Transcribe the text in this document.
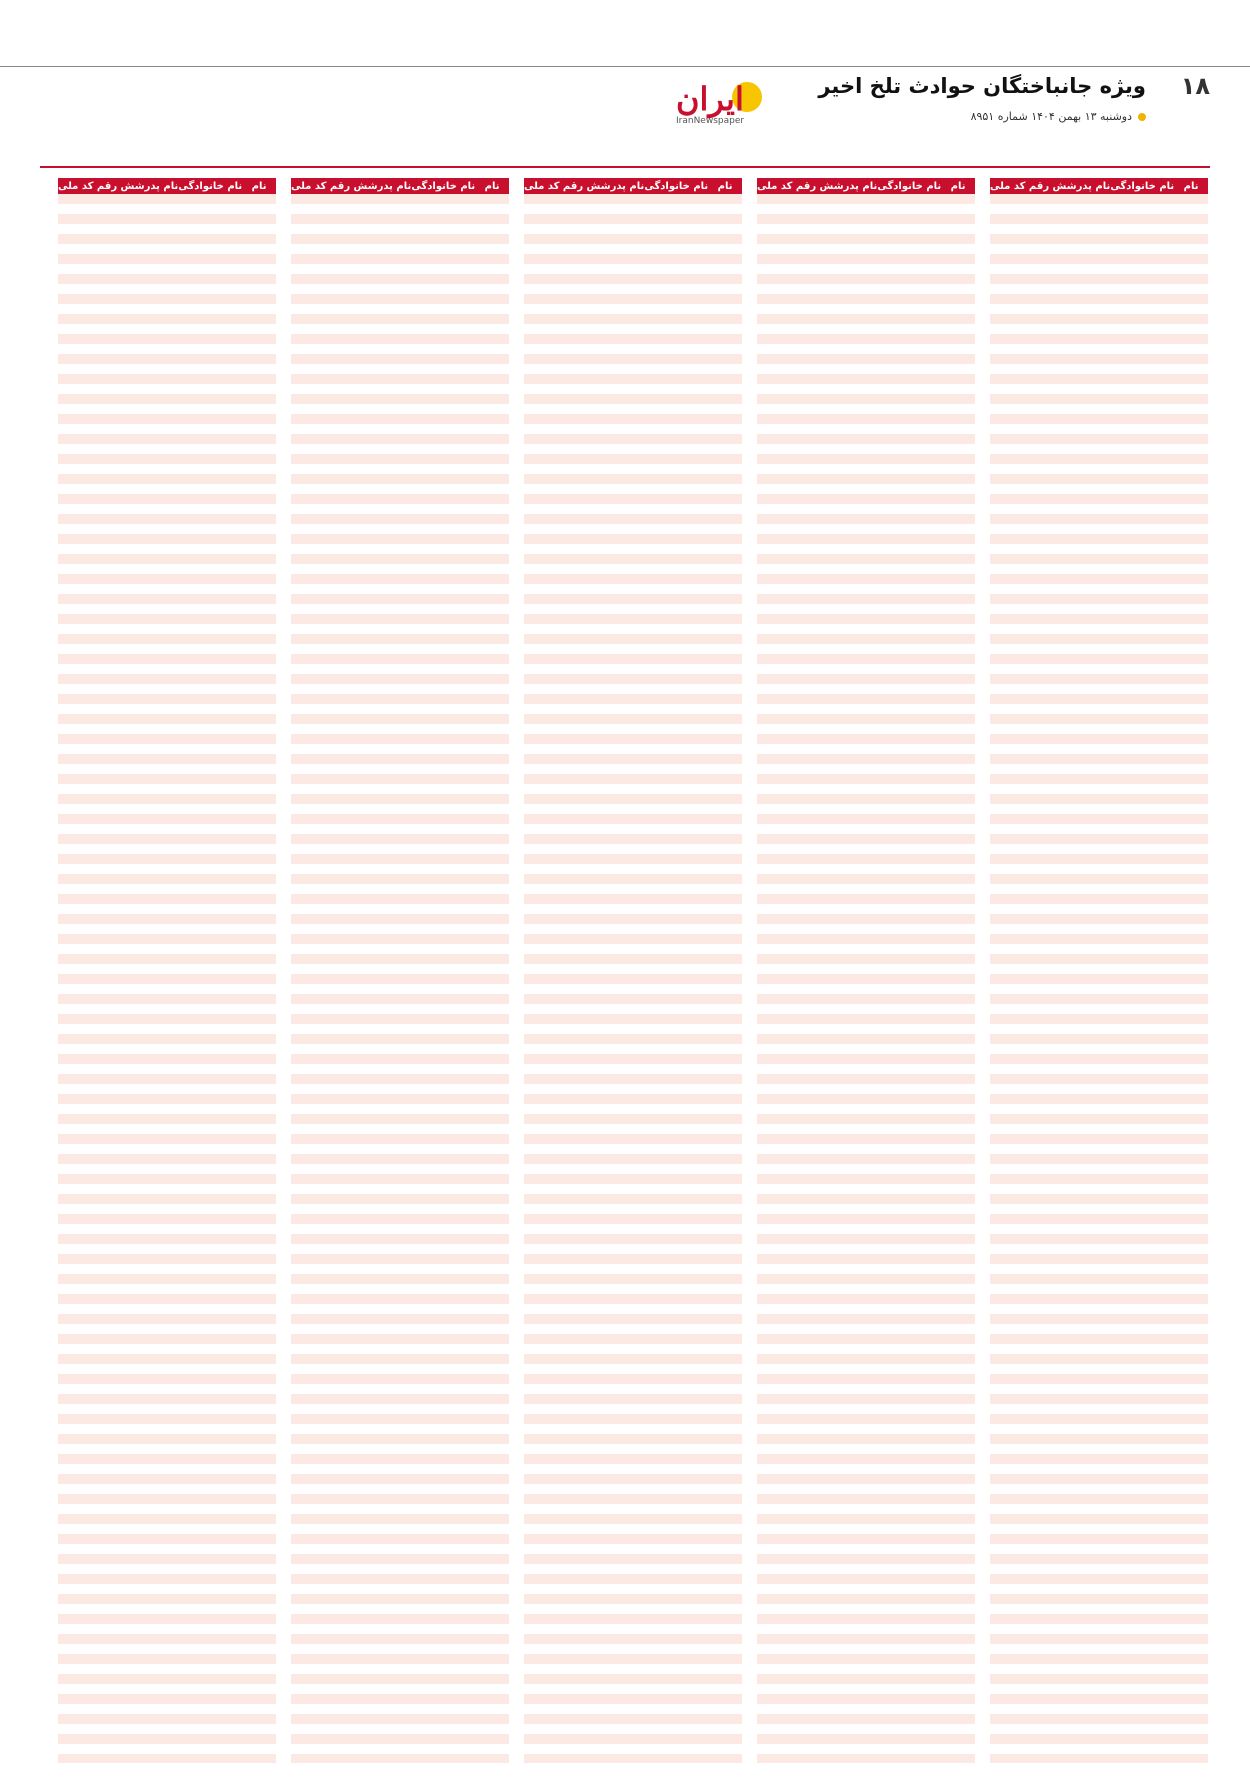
۱۸
ویژه جانباختگان حوادث تلخ اخیر
دوشنبه ۱۳ بهمن ۱۴۰۴ شماره ۸۹۵۱
ایران
IranNewspaper
نام
نام خانوادگی
نام پدر
شش رقم کد ملی
نام
نام خانوادگی
نام پدر
شش رقم کد ملی
نام
نام خانوادگی
نام پدر
شش رقم کد ملی
نام
نام خانوادگی
نام پدر
شش رقم کد ملی
نام
نام خانوادگی
نام پدر
شش رقم کد ملی
